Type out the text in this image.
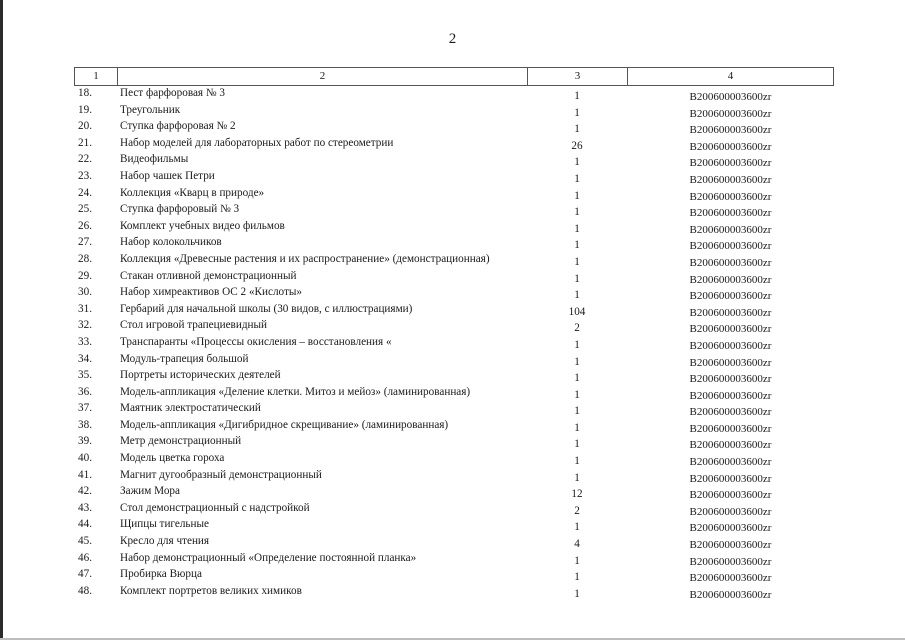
2
1	2	3	4
18.	Пест фарфоровая № 3	1	B200600003600zr
19.	Треугольник	1	B200600003600zr
20.	Ступка фарфоровая № 2	1	B200600003600zr
21.	Набор моделей для лабораторных работ по стереометрии	26	B200600003600zr
22.	Видеофильмы	1	B200600003600zr
23.	Набор чашек Петри	1	B200600003600zr
24.	Коллекция «Кварц в природе»	1	B200600003600zr
25.	Ступка фарфоровый № 3	1	B200600003600zr
26.	Комплект учебных видео фильмов	1	B200600003600zr
27.	Набор колокольчиков	1	B200600003600zr
28.	Коллекция «Древесные растения и их распространение» (демонстрационная)	1	B200600003600zr
29.	Стакан отливной демонстрационный	1	B200600003600zr
30.	Набор химреактивов ОС 2 «Кислоты»	1	B200600003600zr
31.	Гербарий для начальной школы (30 видов, с иллюстрациями)	104	B200600003600zr
32.	Стол игровой трапециевидный	2	B200600003600zr
33.	Транспаранты «Процессы окисления – восстановления «	1	B200600003600zr
34.	Модуль-трапеция большой	1	B200600003600zr
35.	Портреты исторических деятелей	1	B200600003600zr
36.	Модель-аппликация «Деление клетки. Митоз и мейоз» (ламинированная)	1	B200600003600zr
37.	Маятник электростатический	1	B200600003600zr
38.	Модель-аппликация «Дигибридное скрещивание» (ламинированная)	1	B200600003600zr
39.	Метр демонстрационный	1	B200600003600zr
40.	Модель цветка гороха	1	B200600003600zr
41.	Магнит дугообразный демонстрационный	1	B200600003600zr
42.	Зажим Мора	12	B200600003600zr
43.	Стол демонстрационный с надстройкой	2	B200600003600zr
44.	Щипцы тигельные	1	B200600003600zr
45.	Кресло для чтения	4	B200600003600zr
46.	Набор демонстрационный «Определение постоянной планка»	1	B200600003600zr
47.	Пробирка Вюрца	1	B200600003600zr
48.	Комплект портретов великих химиков	1	B200600003600zr
